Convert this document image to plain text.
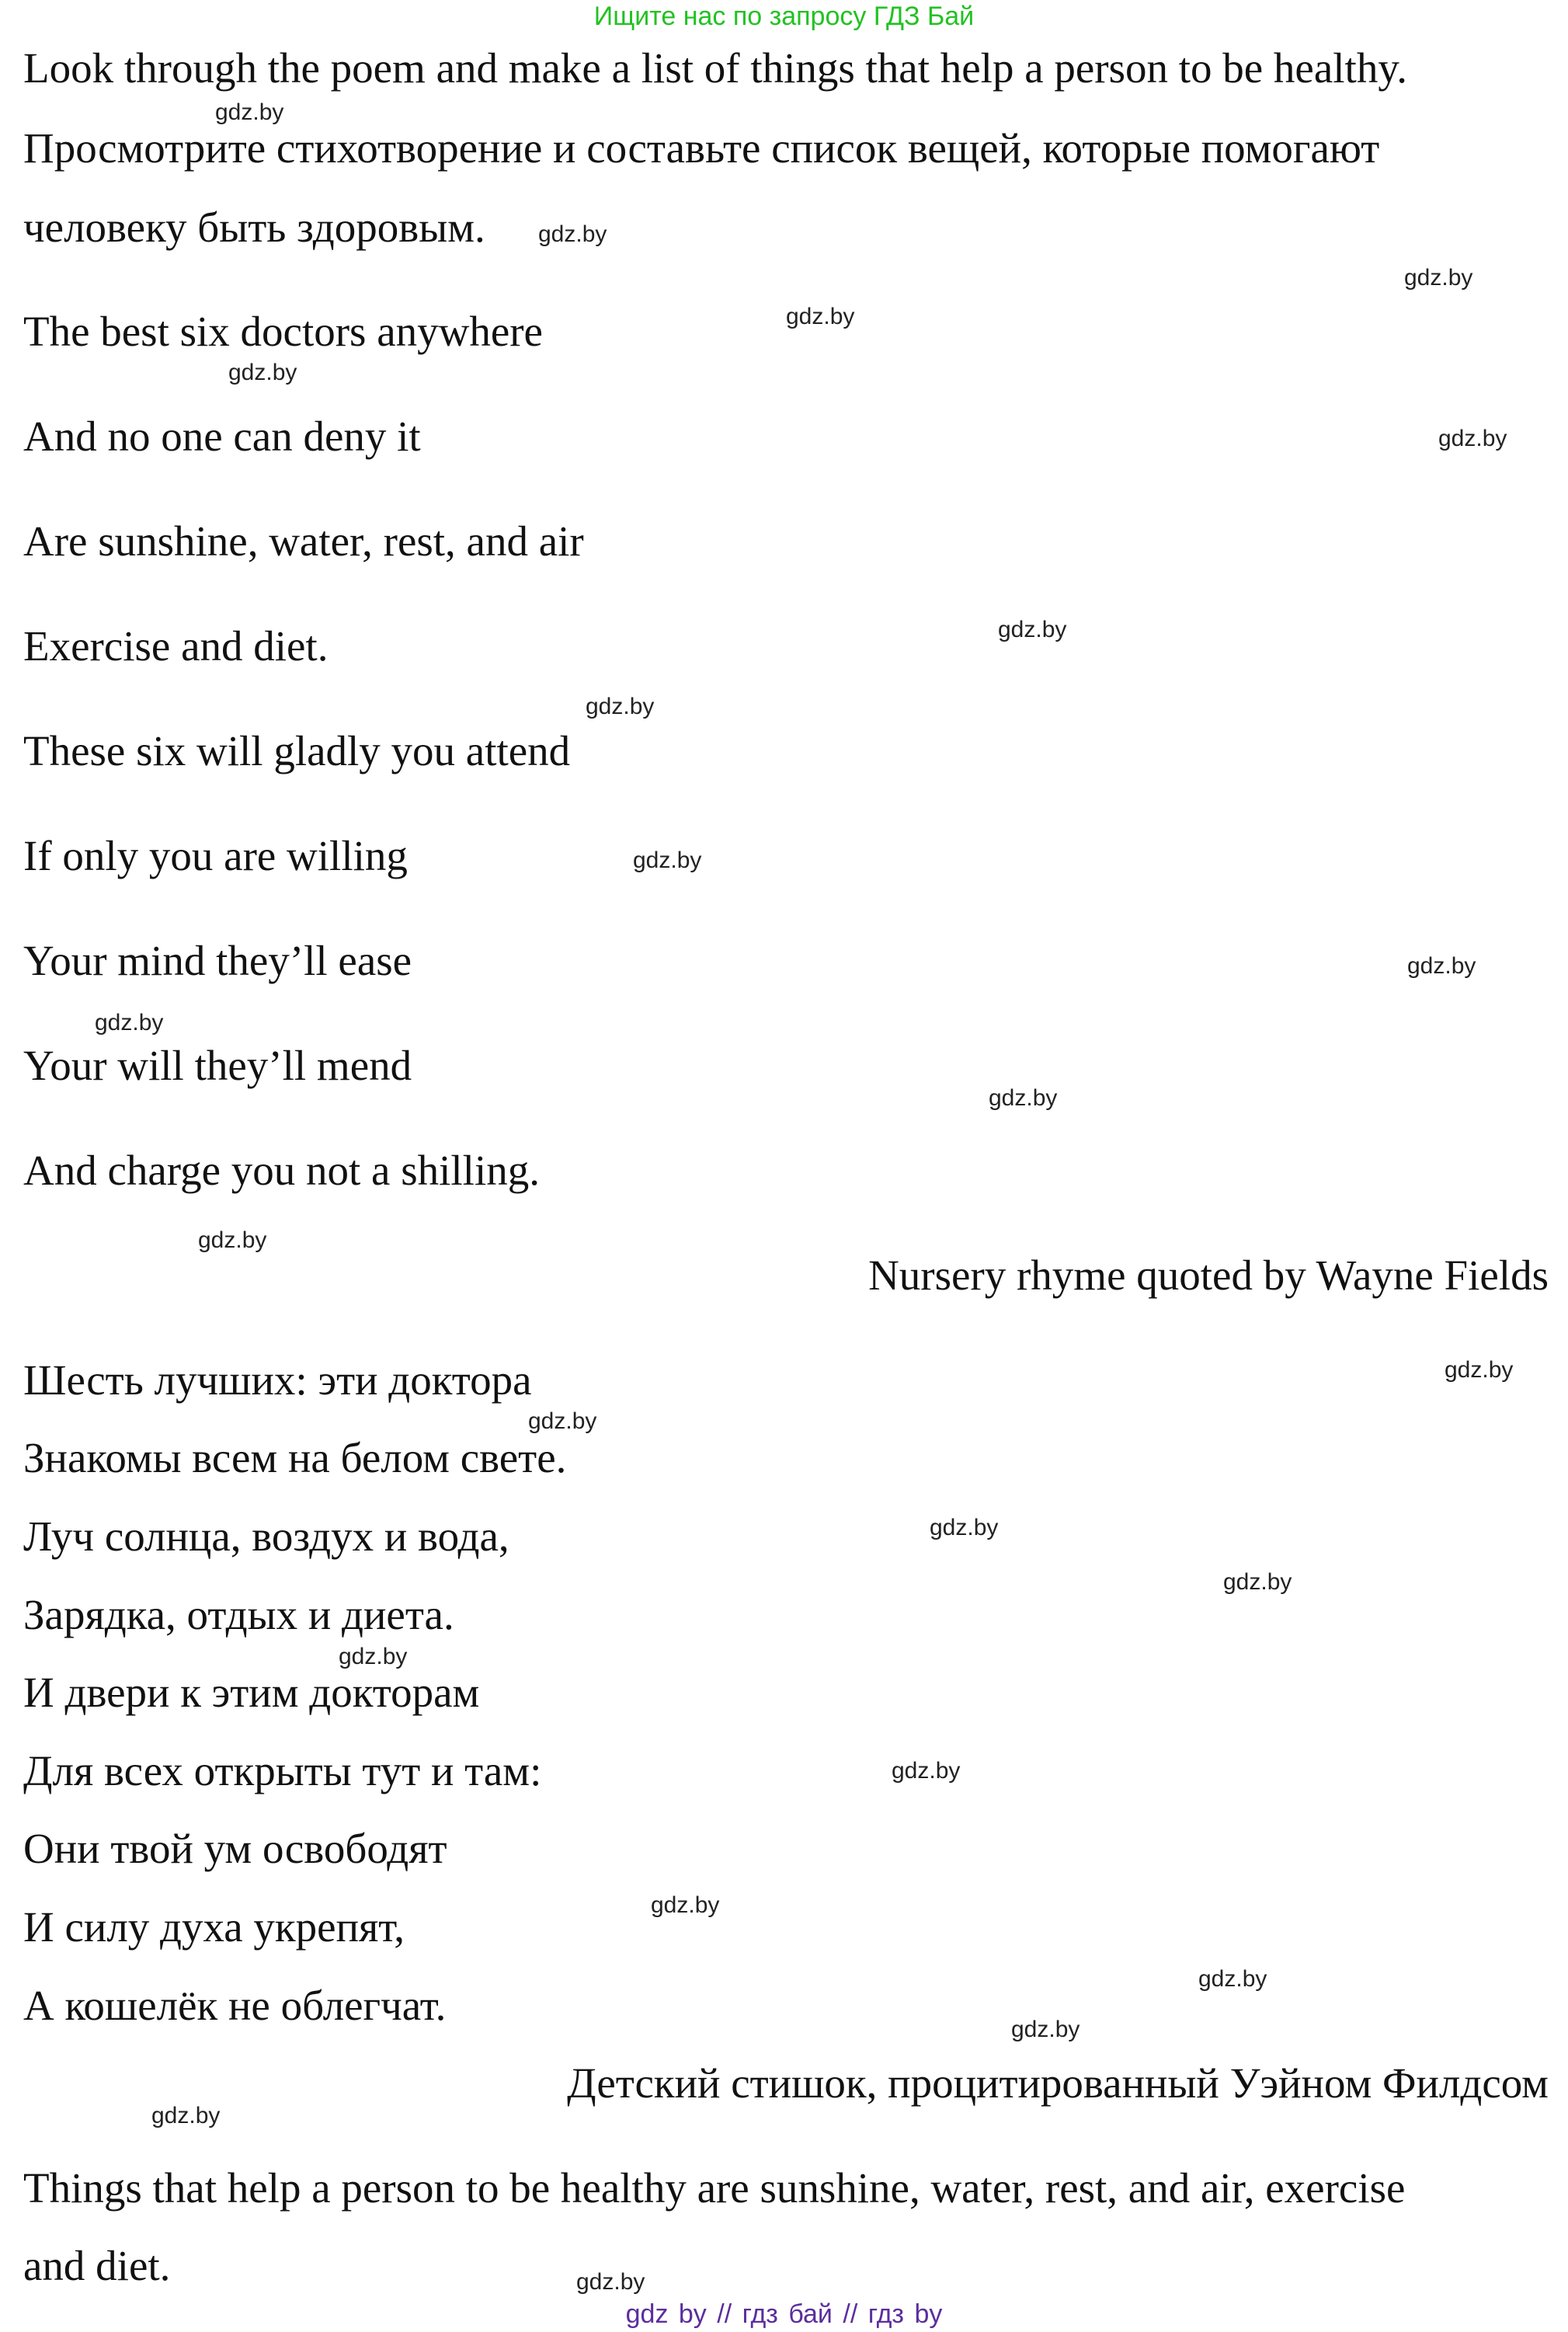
Ищите нас по запросу ГДЗ Бай

Look through the poem and make a list of things that help a person to be healthy.

Просмотрите стихотворение и составьте список вещей, которые помогают

человеку быть здоровым.

The best six doctors anywhere

And no one can deny it

Are sunshine, water, rest, and air

Exercise and diet.

These six will gladly you attend

If only you are willing

Your mind they’ll ease

Your will they’ll mend

And charge you not a shilling.

Nursery rhyme quoted by Wayne Fields

Шесть лучших: эти доктора

Знакомы всем на белом свете.

Луч солнца, воздух и вода,

Зарядка, отдых и диета.

И двери к этим докторам

Для всех открыты тут и там:

Они твой ум освободят

И силу духа укрепят,

А кошелёк не облегчат.

Детский стишок, процитированный Уэйном Филдсом

Things that help a person to be healthy are sunshine, water, rest, and air, exercise

and diet.

gdz.by
gdz.by
gdz.by
gdz.by
gdz.by
gdz.by
gdz.by
gdz.by
gdz.by
gdz.by
gdz.by
gdz.by
gdz.by
gdz.by
gdz.by
gdz.by
gdz.by
gdz.by
gdz.by
gdz.by
gdz.by
gdz.by
gdz.by
gdz.by
gdz by // гдз бай // гдз by
